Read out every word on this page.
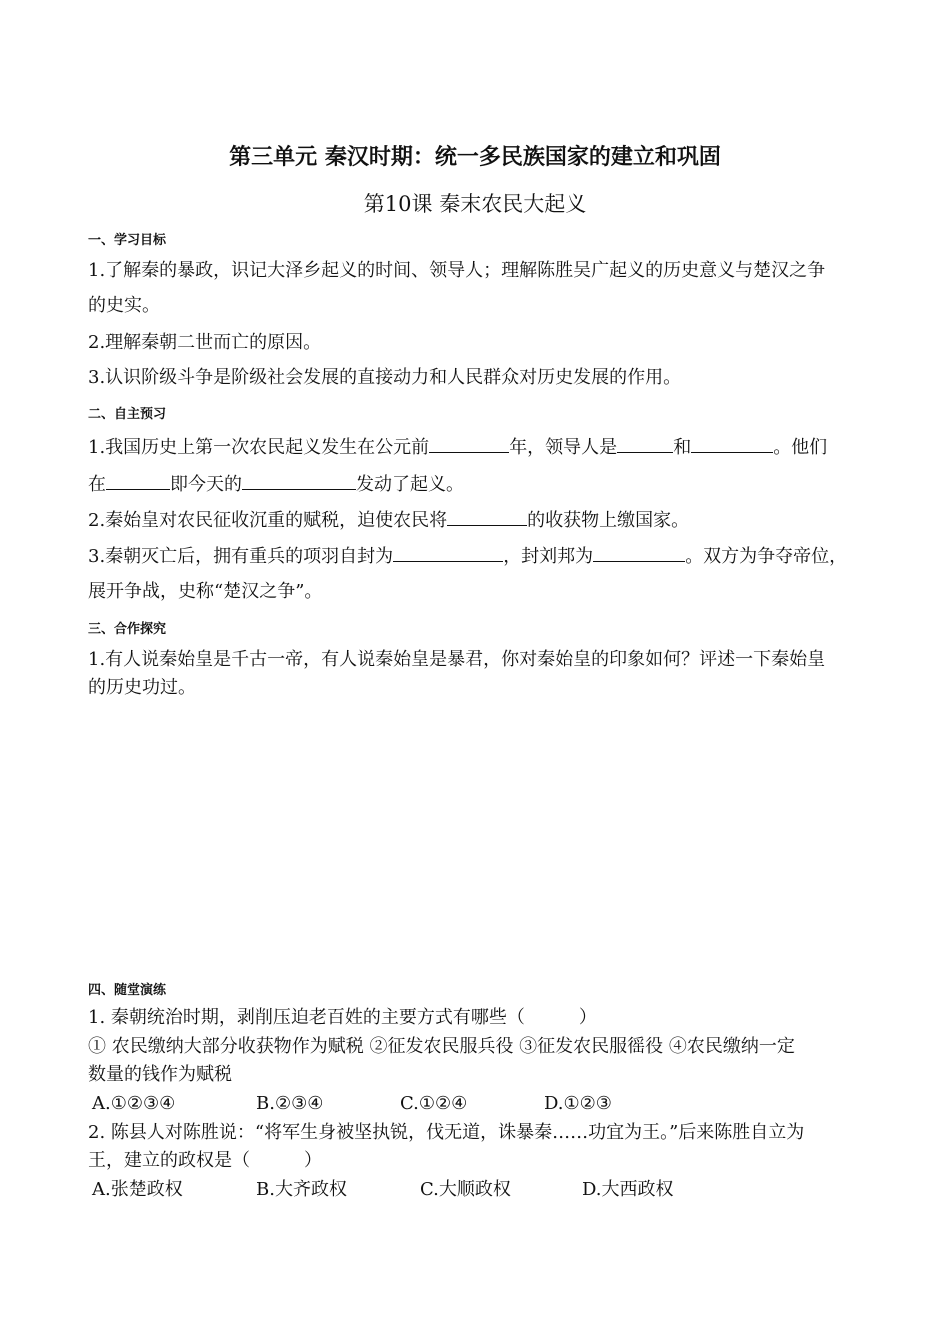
第三单元 秦汉时期：统一多民族国家的建立和巩固
第10课 秦末农民大起义
一、学习目标
1.了解秦的暴政，识记大泽乡起义的时间、领导人；理解陈胜吴广起义的历史意义与楚汉之争
的史实。
2.理解秦朝二世而亡的原因。
3.认识阶级斗争是阶级社会发展的直接动力和人民群众对历史发展的作用。
二、自主预习
1.我国历史上第一次农民起义发生在公元前	年，领导人是	和	。他们
在	即今天的	发动了起义。
2.秦始皇对农民征收沉重的赋税，迫使农民将	的收获物上缴国家。
3.秦朝灭亡后，拥有重兵的项羽自封为	，封刘邦为	。双方为争夺帝位，
展开争战，史称“楚汉之争”。
三、合作探究
1.有人说秦始皇是千古一帝，有人说秦始皇是暴君，你对秦始皇的印象如何？评述一下秦始皇
的历史功过。
四、随堂演练
1. 秦朝统治时期，剥削压迫老百姓的主要方式有哪些（　　　）
① 农民缴纳大部分收获物作为赋税 ②征发农民服兵役 ③征发农民服徭役 ④农民缴纳一定
数量的钱作为赋税
A.①②③④	B.②③④	C.①②④	D.①②③
2. 陈县人对陈胜说：“将军生身被坚执锐，伐无道，诛暴秦……功宜为王。”后来陈胜自立为
王，建立的政权是（　　　）
A.张楚政权	B.大齐政权	C.大顺政权	D.大西政权
